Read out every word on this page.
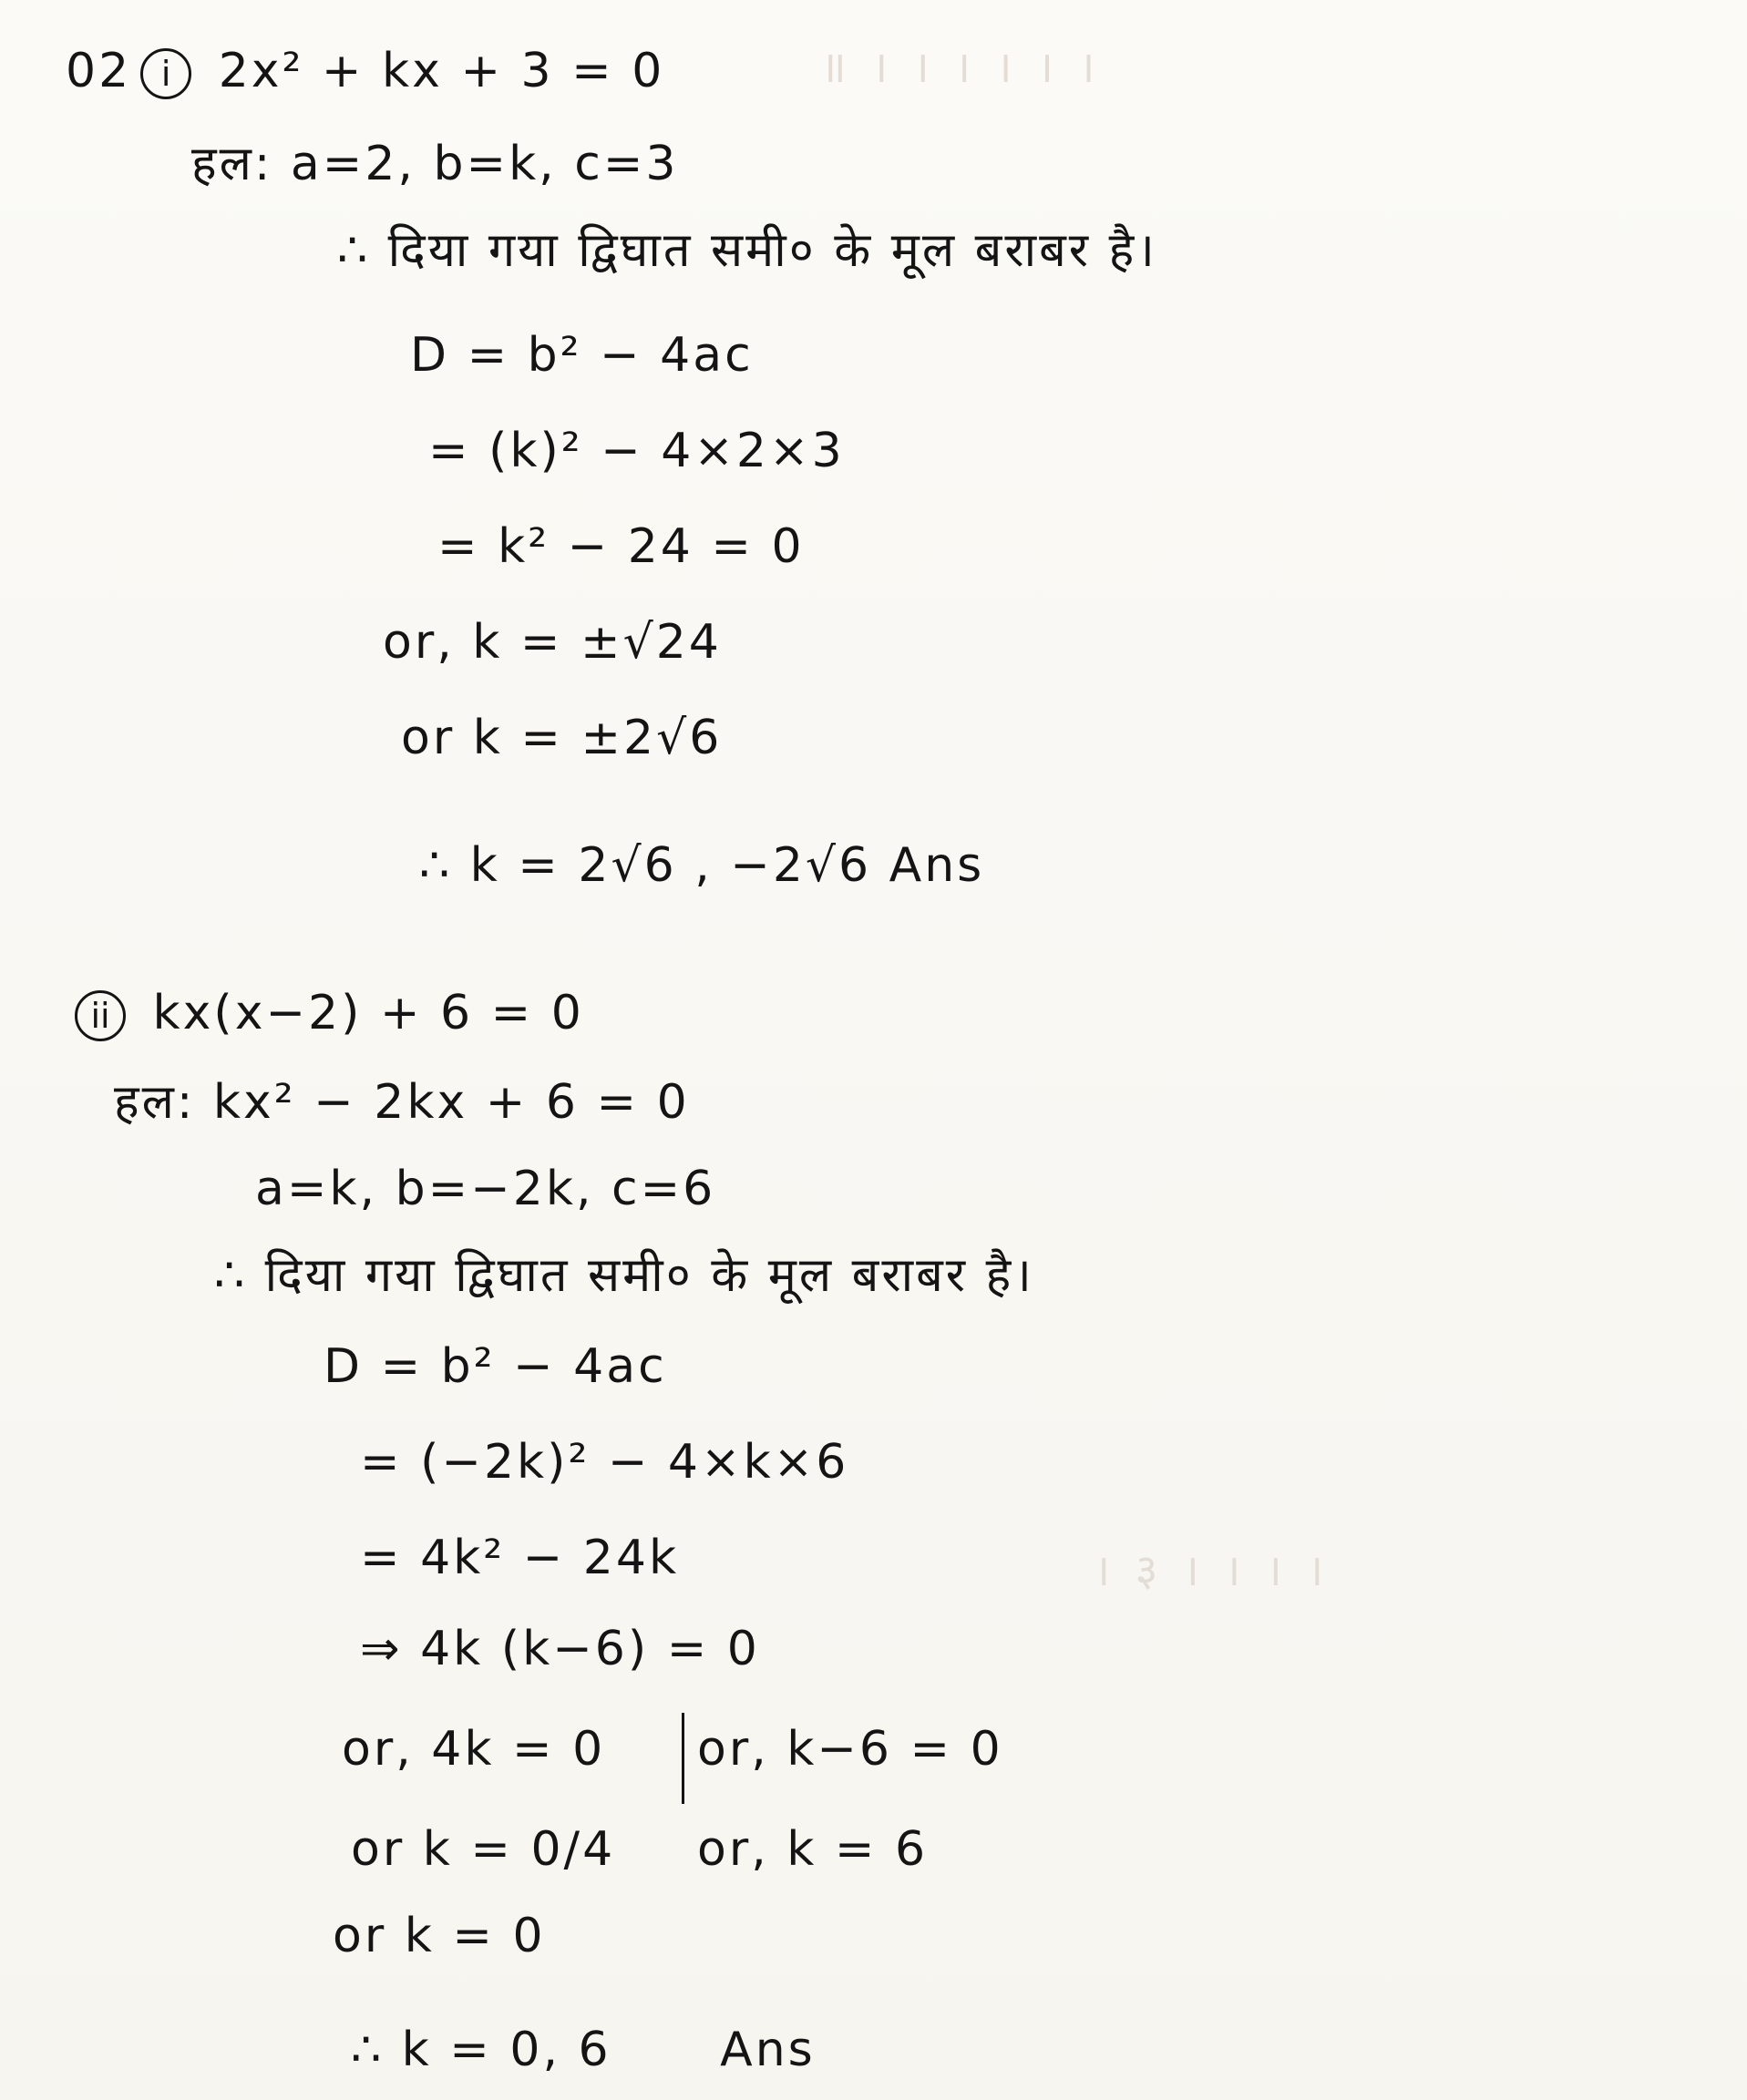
॥ । । । । । ।
। ३ । । । ।
02 i 2x² + kx + 3 = 0
हल: a=2, b=k, c=3
∴ दिया गया द्विघात समी० के मूल बराबर है।
D = b² − 4ac
= (k)² − 4×2×3
= k² − 24 = 0
or, k = ±√24
or k = ±2√6
∴ k = 2√6 , −2√6 Ans
ii kx(x−2) + 6 = 0
हल: kx² − 2kx + 6 = 0
a=k, b=−2k, c=6
∴ दिया गया द्विघात समी० के मूल बराबर है।
D = b² − 4ac
= (−2k)² − 4×k×6
= 4k² − 24k
⇒ 4k (k−6) = 0
or, 4k = 0
or k = 0/4
or k = 0
or, k−6 = 0
or, k = 6
∴ k = 0, 6 Ans
